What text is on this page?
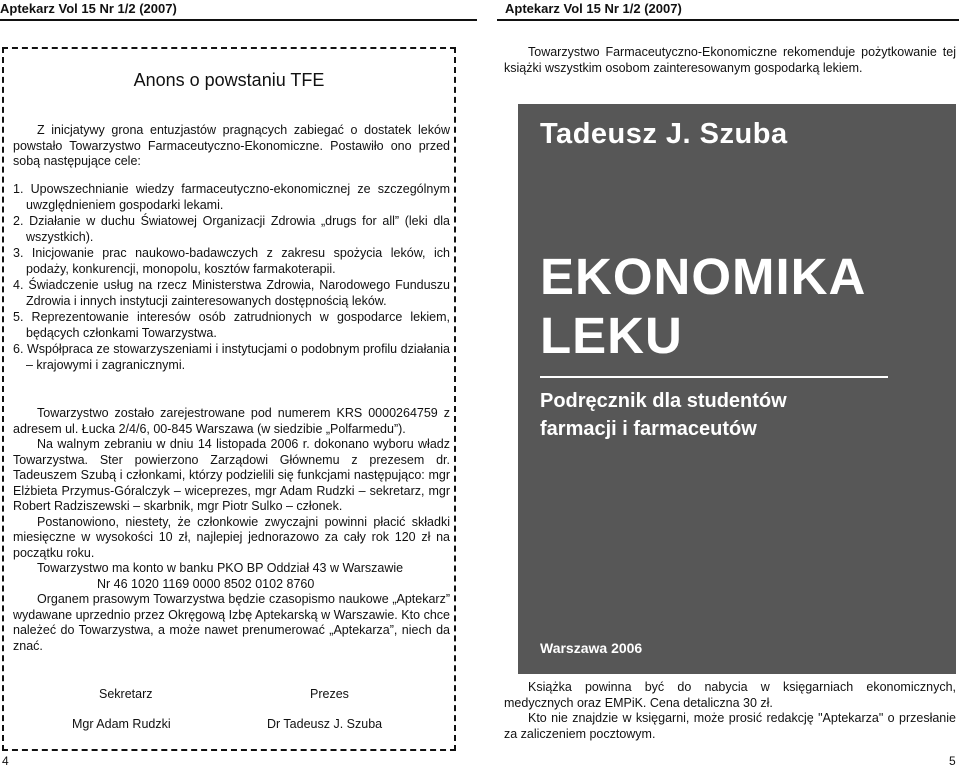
Aptekarz Vol 15 Nr 1/2 (2007)	Aptekarz Vol 15 Nr 1/2 (2007)
Anons o powstaniu TFE
Z inicjatywy grona entuzjastów pragnących zabiegać o dostatek leków powstało Towarzystwo Farmaceutyczno-Ekonomiczne. Postawiło ono przed sobą następujące cele:
1. Upowszechnianie wiedzy farmaceutyczno-ekonomicznej ze szczególnym uwzględnieniem gospodarki lekami.
2. Działanie w duchu Światowej Organizacji Zdrowia „drugs for all” (leki dla wszystkich).
3. Inicjowanie prac naukowo-badawczych z zakresu spożycia leków, ich podaży, konkurencji, monopolu, kosztów farmakoterapii.
4. Świadczenie usług na rzecz Ministerstwa Zdrowia, Narodowego Funduszu Zdrowia i innych instytucji zainteresowanych dostępnością leków.
5. Reprezentowanie interesów osób zatrudnionych w gospodarce lekiem, będących członkami Towarzystwa.
6. Współpraca ze stowarzyszeniami i instytucjami o podobnym profilu działania – krajowymi i zagranicznymi.

Towarzystwo zostało zarejestrowane pod numerem KRS 0000264759 z adresem ul. Łucka 2/4/6, 00-845 Warszawa (w siedzibie „Polfarmedu”).

Na walnym zebraniu w dniu 14 listopada 2006 r. dokonano wyboru władz Towarzystwa. Ster powierzono Zarządowi Głównemu z prezesem dr. Tadeuszem Szubą i członkami, którzy podzielili się funkcjami następująco: mgr Elżbieta Przymus-Góralczyk – wiceprezes, mgr Adam Rudzki – sekretarz, mgr Robert Radziszewski – skarbnik, mgr Piotr Sulko – członek.

Postanowiono, niestety, że członkowie zwyczajni powinni płacić składki miesięczne w wysokości 10 zł, najlepiej jednorazowo za cały rok 120 zł na początku roku.

Towarzystwo ma konto w banku PKO BP Oddział 43 w Warszawie

Nr 46 1020 1169 0000 8502 0102 8760

Organem prasowym Towarzystwa będzie czasopismo naukowe „Aptekarz” wydawane uprzednio przez Okręgową Izbę Aptekarską w Warszawie. Kto chce należeć do Towarzystwa, a może nawet prenumerować „Aptekarza”, niech da znać.

Sekretarz	Prezes
Mgr Adam Rudzki	Dr Tadeusz J. Szuba
Towarzystwo Farmaceutyczno-Ekonomiczne rekomenduje pożytkowanie tej książki wszystkim osobom zainteresowanym gospodarką lekiem.
Tadeusz J. Szuba
EKONOMIKA
LEKU
Podręcznik dla studentów
farmacji i farmaceutów
Warszawa 2006

Książka powinna być do nabycia w księgarniach ekonomicznych, medycznych oraz EMPiK. Cena detaliczna 30 zł.

Kto nie znajdzie w księgarni, może prosić redakcję "Aptekarza" o przesłanie za zaliczeniem pocztowym.

4	5
